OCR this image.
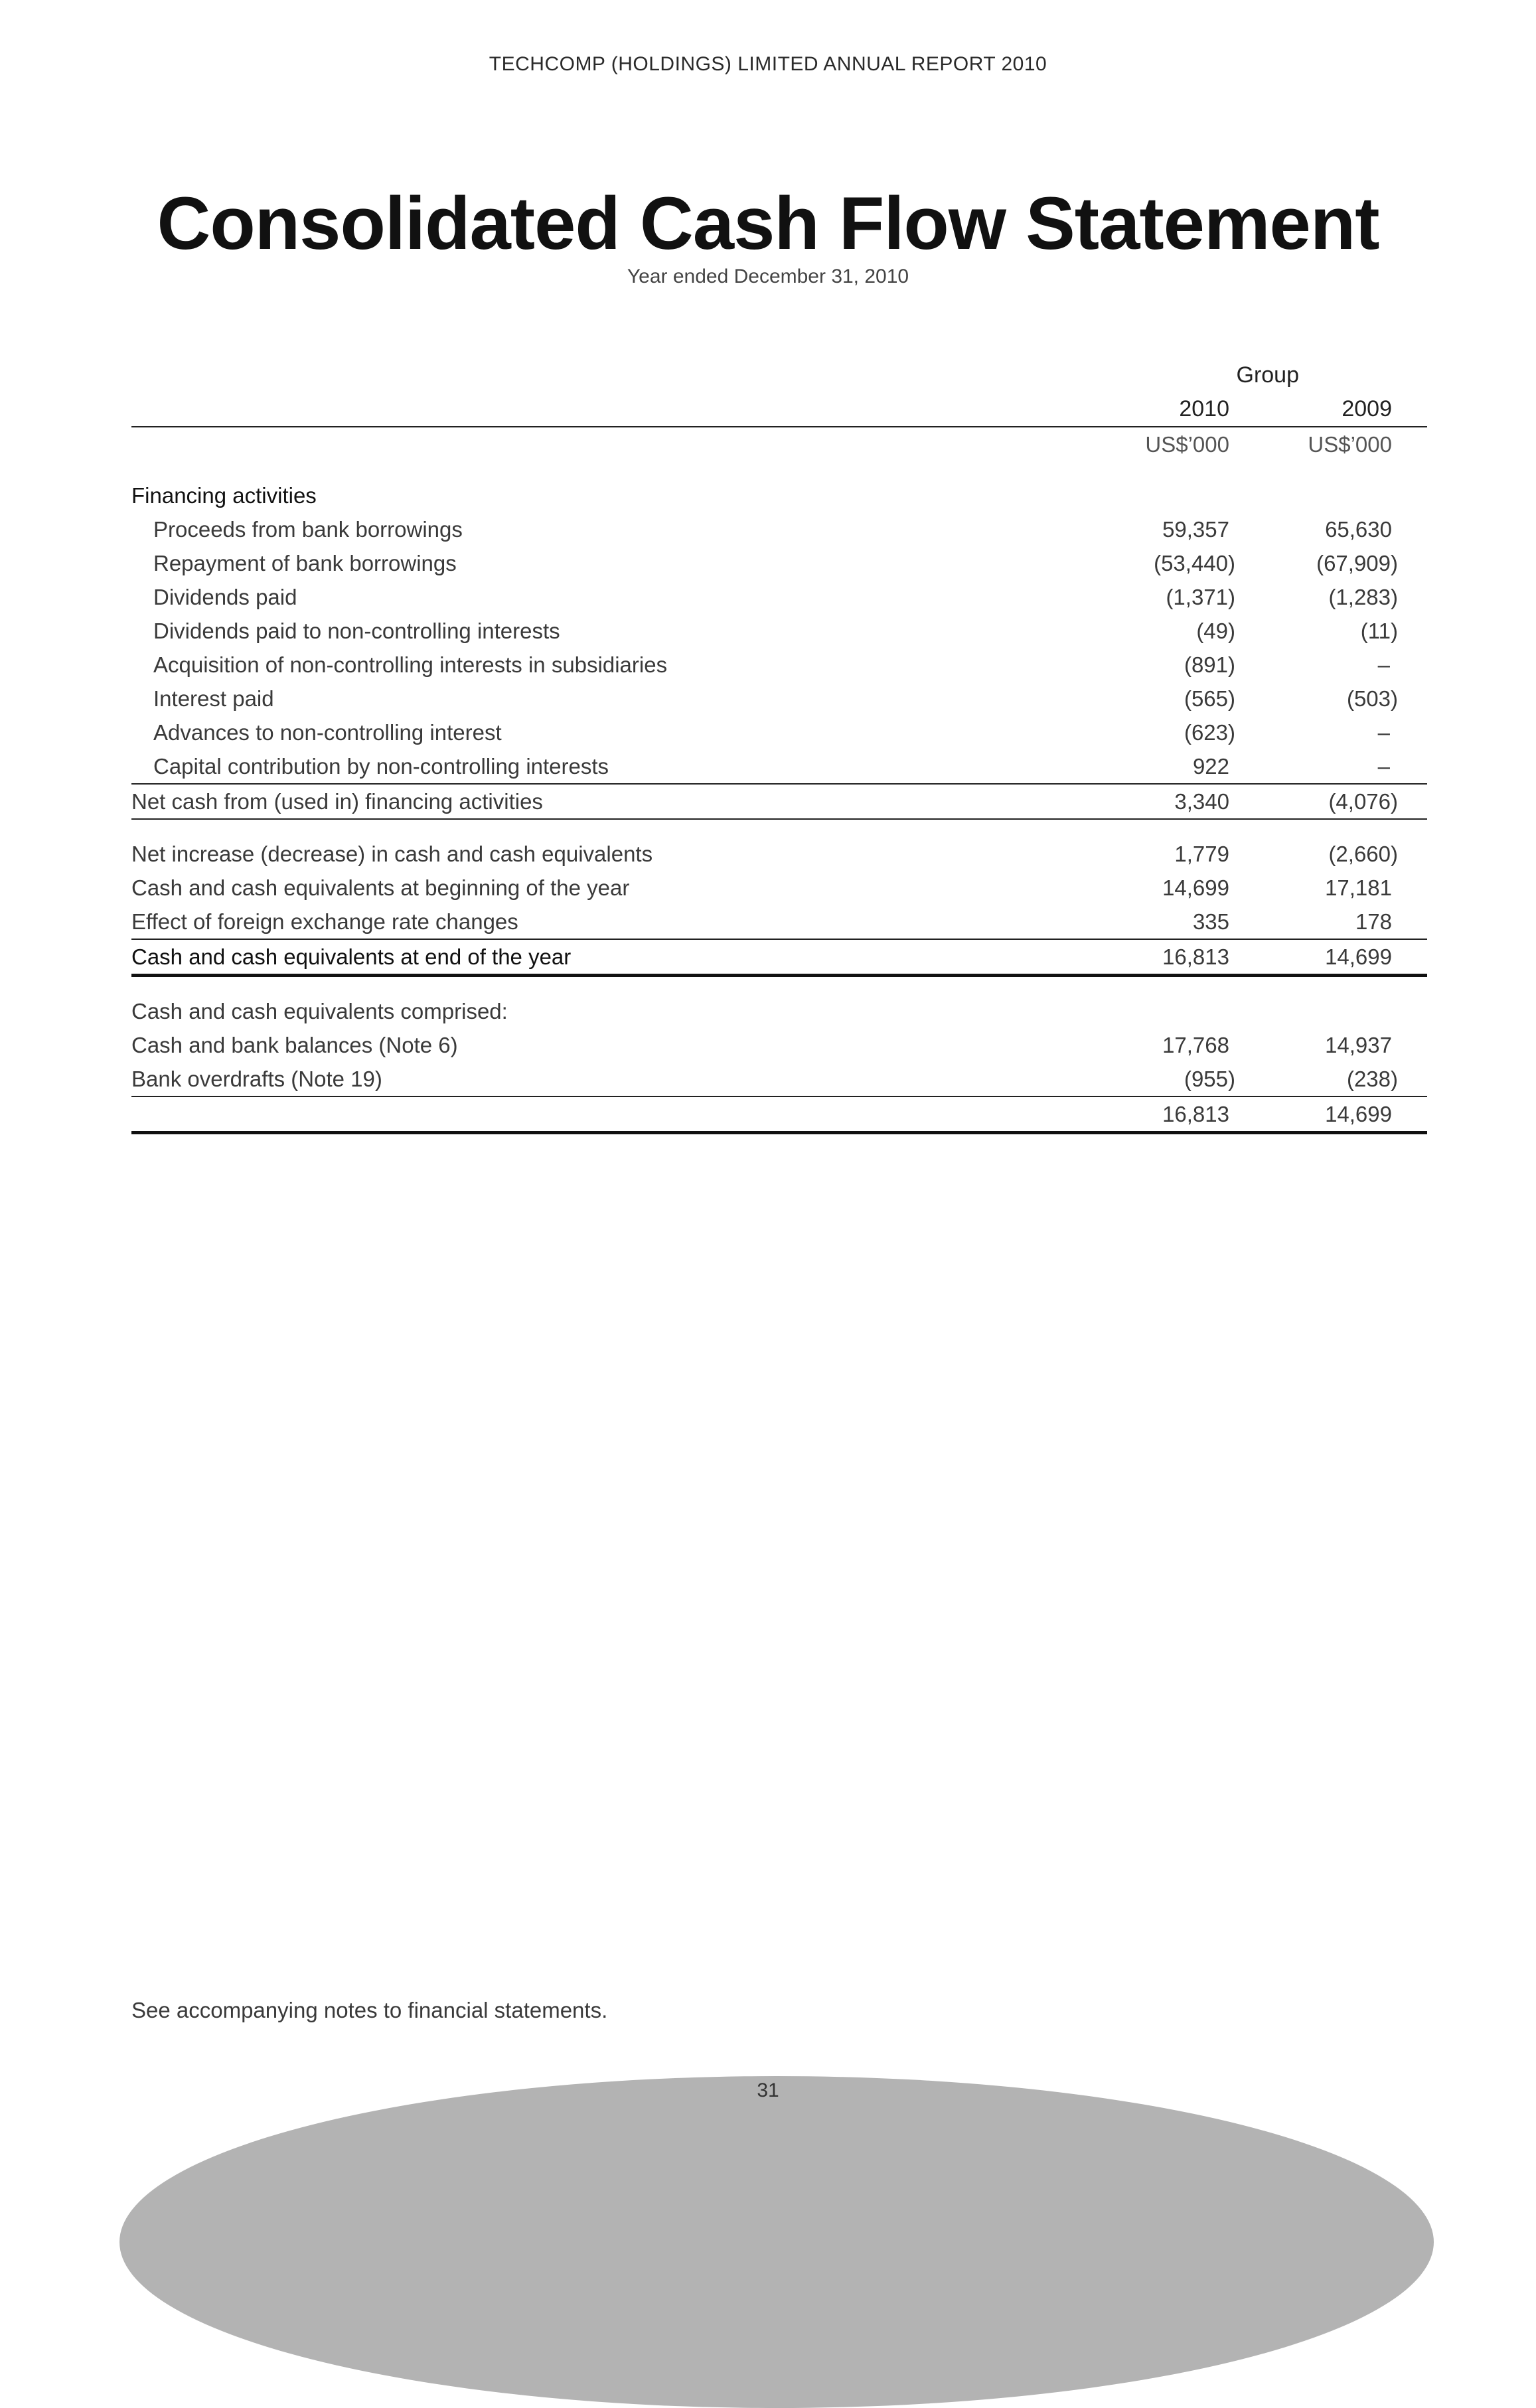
TECHCOMP (HOLDINGS) LIMITED ANNUAL REPORT 2010
Consolidated Cash Flow Statement
Year ended December 31, 2010
Group
2010	2009
US$’000	US$’000
Financing activities
Proceeds from bank borrowings	59,357	65,630
Repayment of bank borrowings	(53,440)	(67,909)
Dividends paid	(1,371)	(1,283)
Dividends paid to non-controlling interests	(49)	(11)
Acquisition of non-controlling interests in subsidiaries	(891)	–
Interest paid	(565)	(503)
Advances to non-controlling interest	(623)	–
Capital contribution by non-controlling interests	922	–
Net cash from (used in) financing activities	3,340	(4,076)
Net increase (decrease) in cash and cash equivalents	1,779	(2,660)
Cash and cash equivalents at beginning of the year	14,699	17,181
Effect of foreign exchange rate changes	335	178
Cash and cash equivalents at end of the year	16,813	14,699
Cash and cash equivalents comprised:
Cash and bank balances (Note 6)	17,768	14,937
Bank overdrafts (Note 19)	(955)	(238)
16,813	14,699
See accompanying notes to financial statements.
31
